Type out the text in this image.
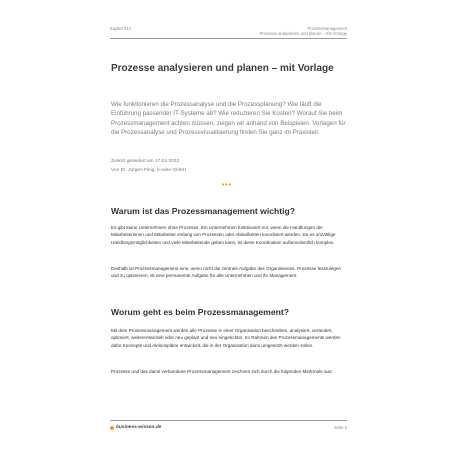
Kapitel 812	Prozessmanagement
Prozesse analysieren und planen – mit Vorlage
Prozesse analysieren und planen – mit Vorlage

Wie funktionieren die Prozessanalyse und die Prozessplanung? Wie läuft die Einführung passender IT-Systeme ab? Wie reduzieren Sie Kosten? Worauf Sie beim Prozessmanagement achten müssen, zeigen wir anhand von Beispielen. Vorlagen für die Prozessanalyse und Prozessvisualisierung finden Sie ganz im Praxisteil.

Zuletzt geändert am 17.04.2023
Von Dr. Jürgen Fleig, b-wise GmbH
•••
Warum ist das Prozessmanagement wichtig?

Es gibt keine Unternehmen ohne Prozesse. Ein Unternehmen funktioniert nur, wenn die Handlungen der Mitarbeiterinnen und Mitarbeiter entlang von Prozessen oder Ablaufketten koordiniert werden. Da es unzählige Handlungsmöglichkeiten und viele Mitarbeitende geben kann, ist diese Koordination außerordentlich komplex.

Deshalb ist Prozessmanagement eine, wenn nicht die zentrale Aufgabe des Organisierens. Prozesse festzulegen und zu optimieren, ist eine permanente Aufgabe für alle Unternehmen und ihr Management.

Worum geht es beim Prozessmanagement?

Mit dem Prozessmanagement werden alle Prozesse in einer Organisation beschrieben, analysiert, verändert, optimiert, weiterentwickelt oder neu geplant und neu eingerichtet. Im Rahmen des Prozessmanagements werden dafür Konzepte und Aktionspläne entwickelt, die in der Organisation dann umgesetzt werden sollen.

Prozesse und das damit verbundene Prozessmanagement zeichnen sich durch die folgenden Merkmale aus:

business-wissen.de	Seite 2
